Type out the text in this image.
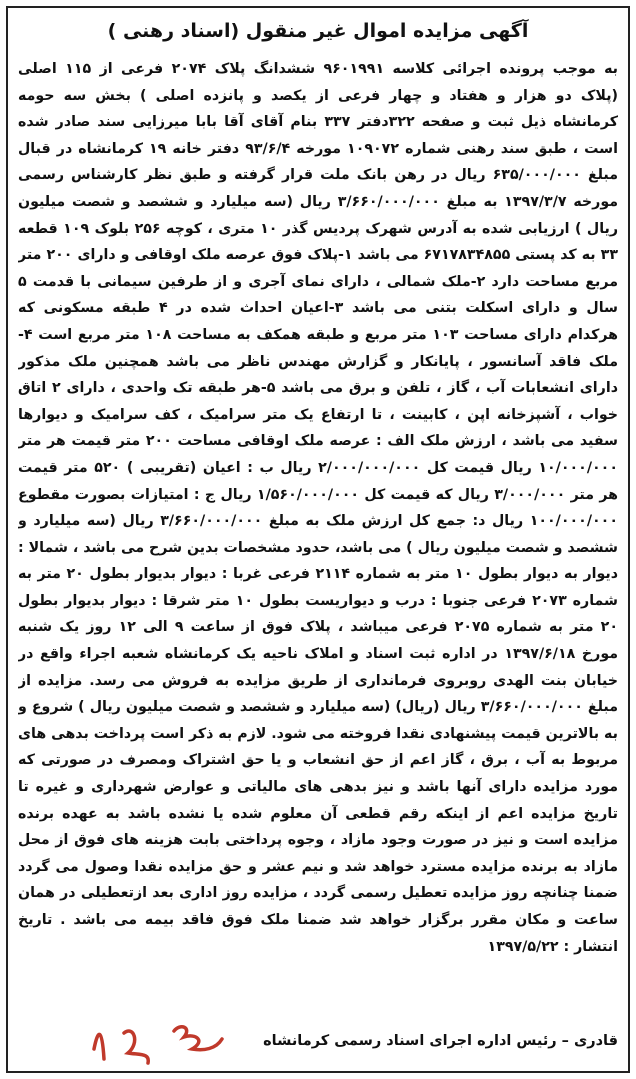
آگهی مزایده اموال غیر منقول (اسناد رهنی )

به موجب پرونده اجرائی کلاسه ۹۶۰۱۹۹۱ ششدانگ پلاک ۲۰۷۴ فرعی از ۱۱۵ اصلی (پلاک دو هزار و هفتاد و چهار فرعی از یکصد و پانزده اصلی ) بخش سه حومه کرمانشاه ذیل ثبت و صفحه ۳۲۲دفتر ۳۳۷ بنام آقای آقا بابا میرزایی سند صادر شده است ، طبق سند رهنی شماره ۱۰۹۰۷۲ مورخه ۹۳/۶/۴ دفتر خانه ۱۹ کرمانشاه در قبال مبلغ ۶۳۵/۰۰۰/۰۰۰ ریال در رهن بانک ملت قرار گرفته و طبق نظر کارشناس رسمی مورخه ۱۳۹۷/۳/۷ به مبلغ ۳/۶۶۰/۰۰۰/۰۰۰ ریال (سه میلیارد و ششصد و شصت میلیون ریال ) ارزیابی شده به آدرس شهرک پردیس گذر ۱۰ متری ، کوچه ۲۵۶ بلوک ۱۰۹ قطعه ۳۳ به کد پستی ۶۷۱۷۸۳۴۸۵۵ می باشد ۱-پلاک فوق عرصه ملک اوقافی و دارای ۲۰۰ متر مربع مساحت دارد ۲-ملک شمالی ، دارای نمای آجری و از طرفین سیمانی با قدمت ۵ سال و دارای اسکلت بتنی می باشد ۳-اعیان احداث شده در ۴ طبقه مسکونی که هرکدام دارای مساحت ۱۰۳ متر مربع و طبقه همکف به مساحت ۱۰۸ متر مربع است ۴-ملک فاقد آسانسور ، پایانکار و گزارش مهندس ناظر می باشد همچنین ملک مذکور دارای انشعابات آب ، گاز ، تلفن و برق می باشد ۵-هر طبقه تک واحدی ، دارای ۲ اتاق خواب ، آشپزخانه اپن ، کابینت ، تا ارتفاع یک متر سرامیک ، کف سرامیک و دیوارها سفید می باشد ، ارزش ملک الف : عرصه ملک اوقافی مساحت ۲۰۰ متر قیمت هر متر ۱۰/۰۰۰/۰۰۰ ریال قیمت کل ۲/۰۰۰/۰۰۰/۰۰۰ ریال ب : اعیان (تقریبی ) ۵۲۰ متر قیمت هر متر ۳/۰۰۰/۰۰۰ ریال که قیمت کل ۱/۵۶۰/۰۰۰/۰۰۰ ریال ج : امتیازات بصورت مقطوع ۱۰۰/۰۰۰/۰۰۰ ریال د: جمع کل ارزش ملک به مبلغ ۳/۶۶۰/۰۰۰/۰۰۰ ریال (سه میلیارد و ششصد و شصت میلیون ریال ) می باشد، حدود مشخصات بدین شرح می باشد ، شمالا : دیوار به دیوار بطول ۱۰ متر به شماره ۲۱۱۴ فرعی غربا : دیوار بدیوار بطول ۲۰ متر به شماره ۲۰۷۳ فرعی جنوبا : درب و دیواریست بطول ۱۰ متر شرقا : دیوار بدیوار بطول ۲۰ متر به شماره ۲۰۷۵ فرعی میباشد ، پلاک فوق از ساعت ۹ الی ۱۲ روز یک شنبه مورخ ۱۳۹۷/۶/۱۸ در اداره ثبت اسناد و املاک ناحیه یک کرمانشاه شعبه اجراء واقع در خیابان بنت الهدی روبروی فرمانداری از طریق مزایده به فروش می رسد. مزایده از مبلغ ۳/۶۶۰/۰۰۰/۰۰۰ ریال (ریال) (سه میلیارد و ششصد و شصت میلیون ریال ) شروع و به بالاترین قیمت پیشنهادی نقدا فروخته می شود. لازم به ذکر است پرداخت بدهی های مربوط به آب ، برق ، گاز اعم از حق انشعاب و یا حق اشتراک ومصرف در صورتی که مورد مزایده دارای آنها باشد و نیز بدهی های مالیاتی و عوارض شهرداری و غیره تا تاریخ مزایده اعم از اینکه رقم قطعی آن معلوم شده یا نشده باشد به عهده برنده مزایده است و نیز در صورت وجود مازاد ، وجوه پرداختی بابت هزینه های فوق از محل مازاد به برنده مزایده مسترد خواهد شد و نیم عشر و حق مزایده نقدا وصول می گردد ضمنا چنانچه روز مزایده تعطیل رسمی گردد ، مزایده روز اداری بعد ازتعطیلی در همان ساعت و مکان مقرر برگزار خواهد شد ضمنا ملک فوق فاقد بیمه می باشد . تاریخ انتشار : ۱۳۹۷/۵/۲۲

قادری – رئیس اداره اجرای اسناد رسمی کرمانشاه
